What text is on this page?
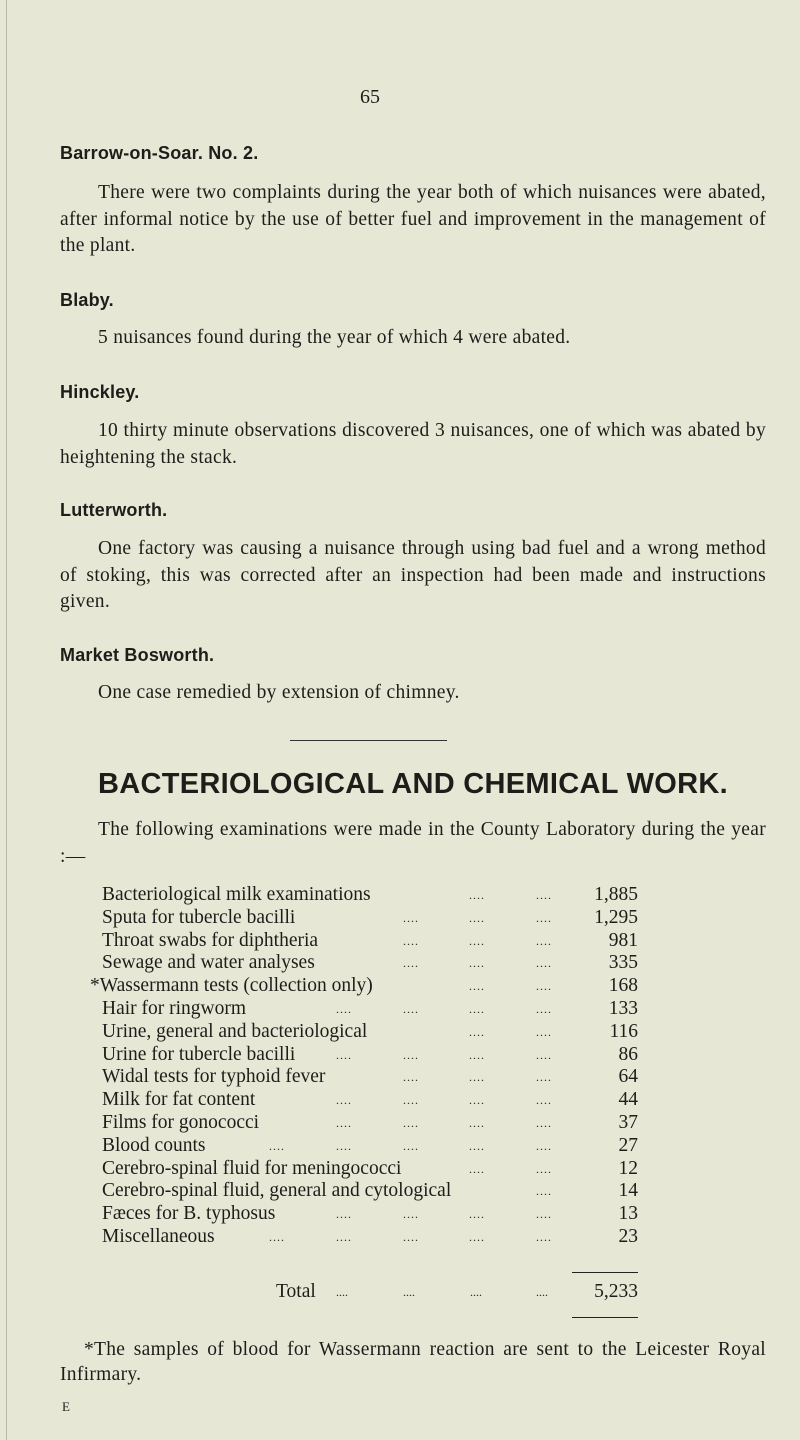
65
Barrow-on-Soar. No. 2.

There were two complaints during the year both of which nuisances were abated, after informal notice by the use of better fuel and improvement in the management of the plant.

Blaby.

5 nuisances found during the year of which 4 were abated.

Hinckley.

10 thirty minute observations discovered 3 nuisances, one of which was abated by heightening the stack.

Lutterworth.

One factory was causing a nuisance through using bad fuel and a wrong method of stoking, this was corrected after an inspection had been made and instructions given.

Market Bosworth.

One case remedied by extension of chimney.

BACTERIOLOGICAL AND CHEMICAL WORK.

The following examinations were made in the County Laboratory during the year :—

Bacteriological milk examinations	....	.... 1,885
Sputa for tubercle bacilli	....	....	.... 1,295
Throat swabs for diphtheria	....	....	....	981
Sewage and water analyses	....	....	....	335
*Wassermann tests (collection only)	....	....	168
Hair for ringworm	....	....	....	....	133
Urine, general and bacteriological	....	....	116
Urine for tubercle bacilli	....	....	....	....	86
Widal tests for typhoid fever	....	....	....	64
Milk for fat content	....	....	....	....	44
Films for gonococci	....	....	....	....	37
Blood counts	....	....	....	....	....	27
Cerebro-spinal fluid for meningococci	....	....	12
Cerebro-spinal fluid, general and cytological	....	14
Fæces for B. typhosus	....	....	....	....	13
Miscellaneous	....	....	....	....	....	23
Total ....	....	....	.... 5,233

*The samples of blood for Wassermann reaction are sent to the Leicester Royal Infirmary.

E
